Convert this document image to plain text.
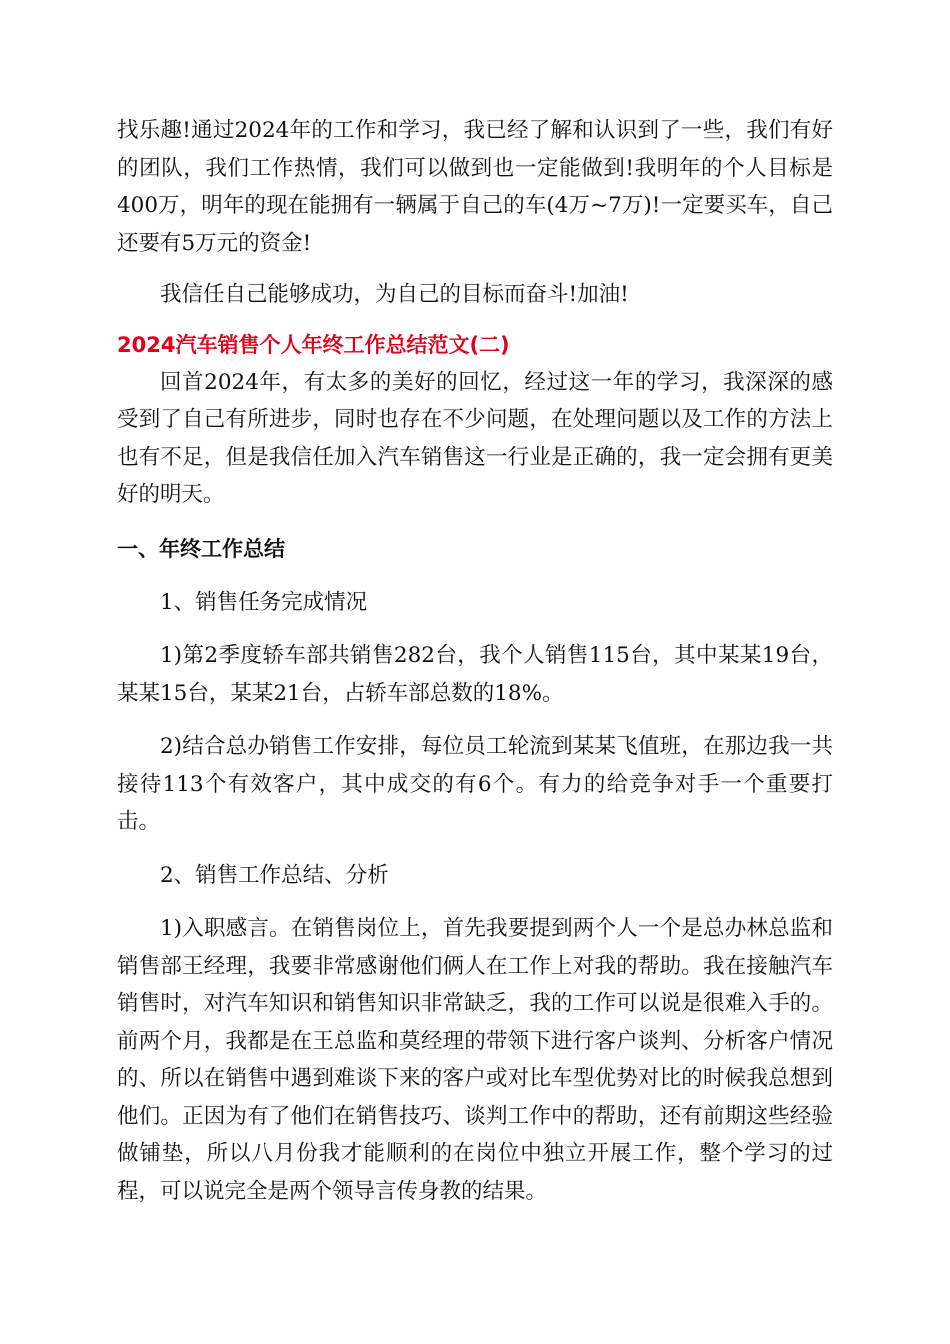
找乐趣!通过2024年的工作和学习，我已经了解和认识到了一些，我们有好的团队，我们工作热情，我们可以做到也一定能做到!我明年的个人目标是400万，明年的现在能拥有一辆属于自己的车(4万~7万)!一定要买车，自己还要有5万元的资金!

我信任自己能够成功，为自己的目标而奋斗!加油!

2024汽车销售个人年终工作总结范文(二)

回首2024年，有太多的美好的回忆，经过这一年的学习，我深深的感受到了自己有所进步，同时也存在不少问题，在处理问题以及工作的方法上也有不足，但是我信任加入汽车销售这一行业是正确的，我一定会拥有更美好的明天。

一、年终工作总结

1、销售任务完成情况

1)第2季度轿车部共销售282台，我个人销售115台，其中某某19台，某某15台，某某21台，占轿车部总数的18%。

2)结合总办销售工作安排，每位员工轮流到某某飞值班，在那边我一共接待113个有效客户，其中成交的有6个。有力的给竞争对手一个重要打击。

2、销售工作总结、分析

1)入职感言。在销售岗位上，首先我要提到两个人一个是总办林总监和销售部王经理，我要非常感谢他们俩人在工作上对我的帮助。我在接触汽车销售时，对汽车知识和销售知识非常缺乏，我的工作可以说是很难入手的。前两个月，我都是在王总监和莫经理的带领下进行客户谈判、分析客户情况的、所以在销售中遇到难谈下来的客户或对比车型优势对比的时候我总想到他们。正因为有了他们在销售技巧、谈判工作中的帮助，还有前期这些经验做铺垫，所以八月份我才能顺利的在岗位中独立开展工作，整个学习的过程，可以说完全是两个领导言传身教的结果。
